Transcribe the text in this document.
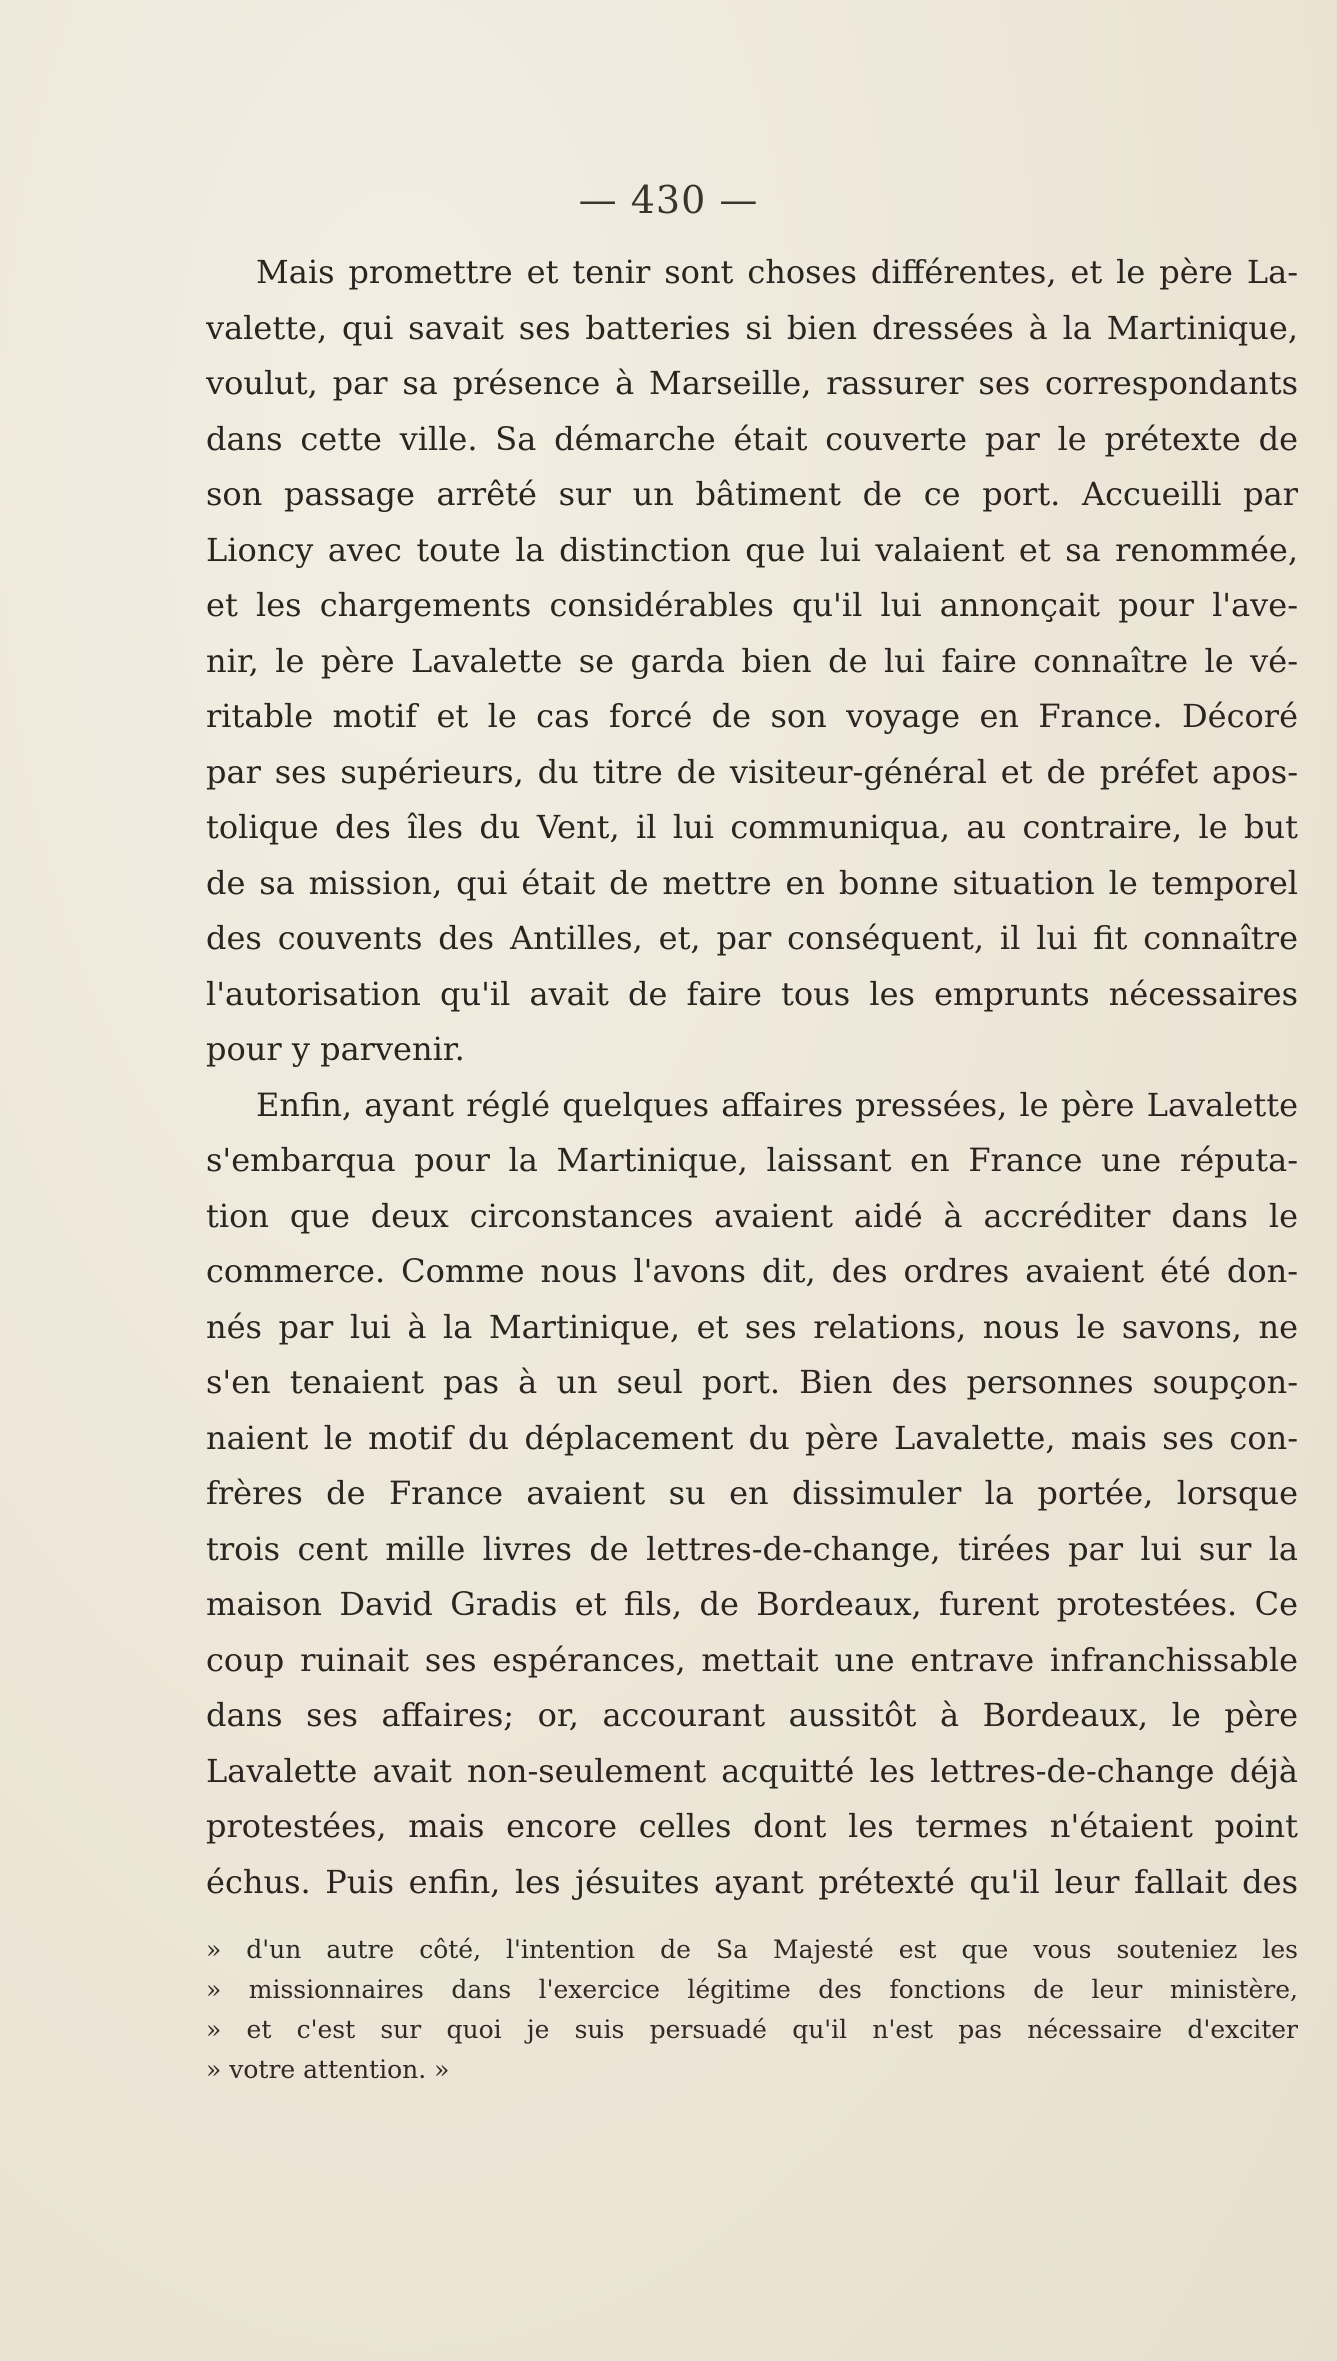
— 430 —
Mais promettre et tenir sont choses différentes, et le père La-
valette, qui savait ses batteries si bien dressées à la Martinique,
voulut, par sa présence à Marseille, rassurer ses correspondants
dans cette ville. Sa démarche était couverte par le prétexte de
son passage arrêté sur un bâtiment de ce port. Accueilli par
Lioncy avec toute la distinction que lui valaient et sa renommée,
et les chargements considérables qu'il lui annonçait pour l'ave-
nir, le père Lavalette se garda bien de lui faire connaître le vé-
ritable motif et le cas forcé de son voyage en France. Décoré
par ses supérieurs, du titre de visiteur-général et de préfet apos-
tolique des îles du Vent, il lui communiqua, au contraire, le but
de sa mission, qui était de mettre en bonne situation le temporel
des couvents des Antilles, et, par conséquent, il lui fit connaître
l'autorisation qu'il avait de faire tous les emprunts nécessaires
pour y parvenir.
Enfin, ayant réglé quelques affaires pressées, le père Lavalette
s'embarqua pour la Martinique, laissant en France une réputa-
tion que deux circonstances avaient aidé à accréditer dans le
commerce. Comme nous l'avons dit, des ordres avaient été don-
nés par lui à la Martinique, et ses relations, nous le savons, ne
s'en tenaient pas à un seul port. Bien des personnes soupçon-
naient le motif du déplacement du père Lavalette, mais ses con-
frères de France avaient su en dissimuler la portée, lorsque
trois cent mille livres de lettres-de-change, tirées par lui sur la
maison David Gradis et fils, de Bordeaux, furent protestées. Ce
coup ruinait ses espérances, mettait une entrave infranchissable
dans ses affaires; or, accourant aussitôt à Bordeaux, le père
Lavalette avait non-seulement acquitté les lettres-de-change déjà
protestées, mais encore celles dont les termes n'étaient point
échus. Puis enfin, les jésuites ayant prétexté qu'il leur fallait des
» d'un autre côté, l'intention de Sa Majesté est que vous souteniez les
» missionnaires dans l'exercice légitime des fonctions de leur ministère,
» et c'est sur quoi je suis persuadé qu'il n'est pas nécessaire d'exciter
» votre attention. »
